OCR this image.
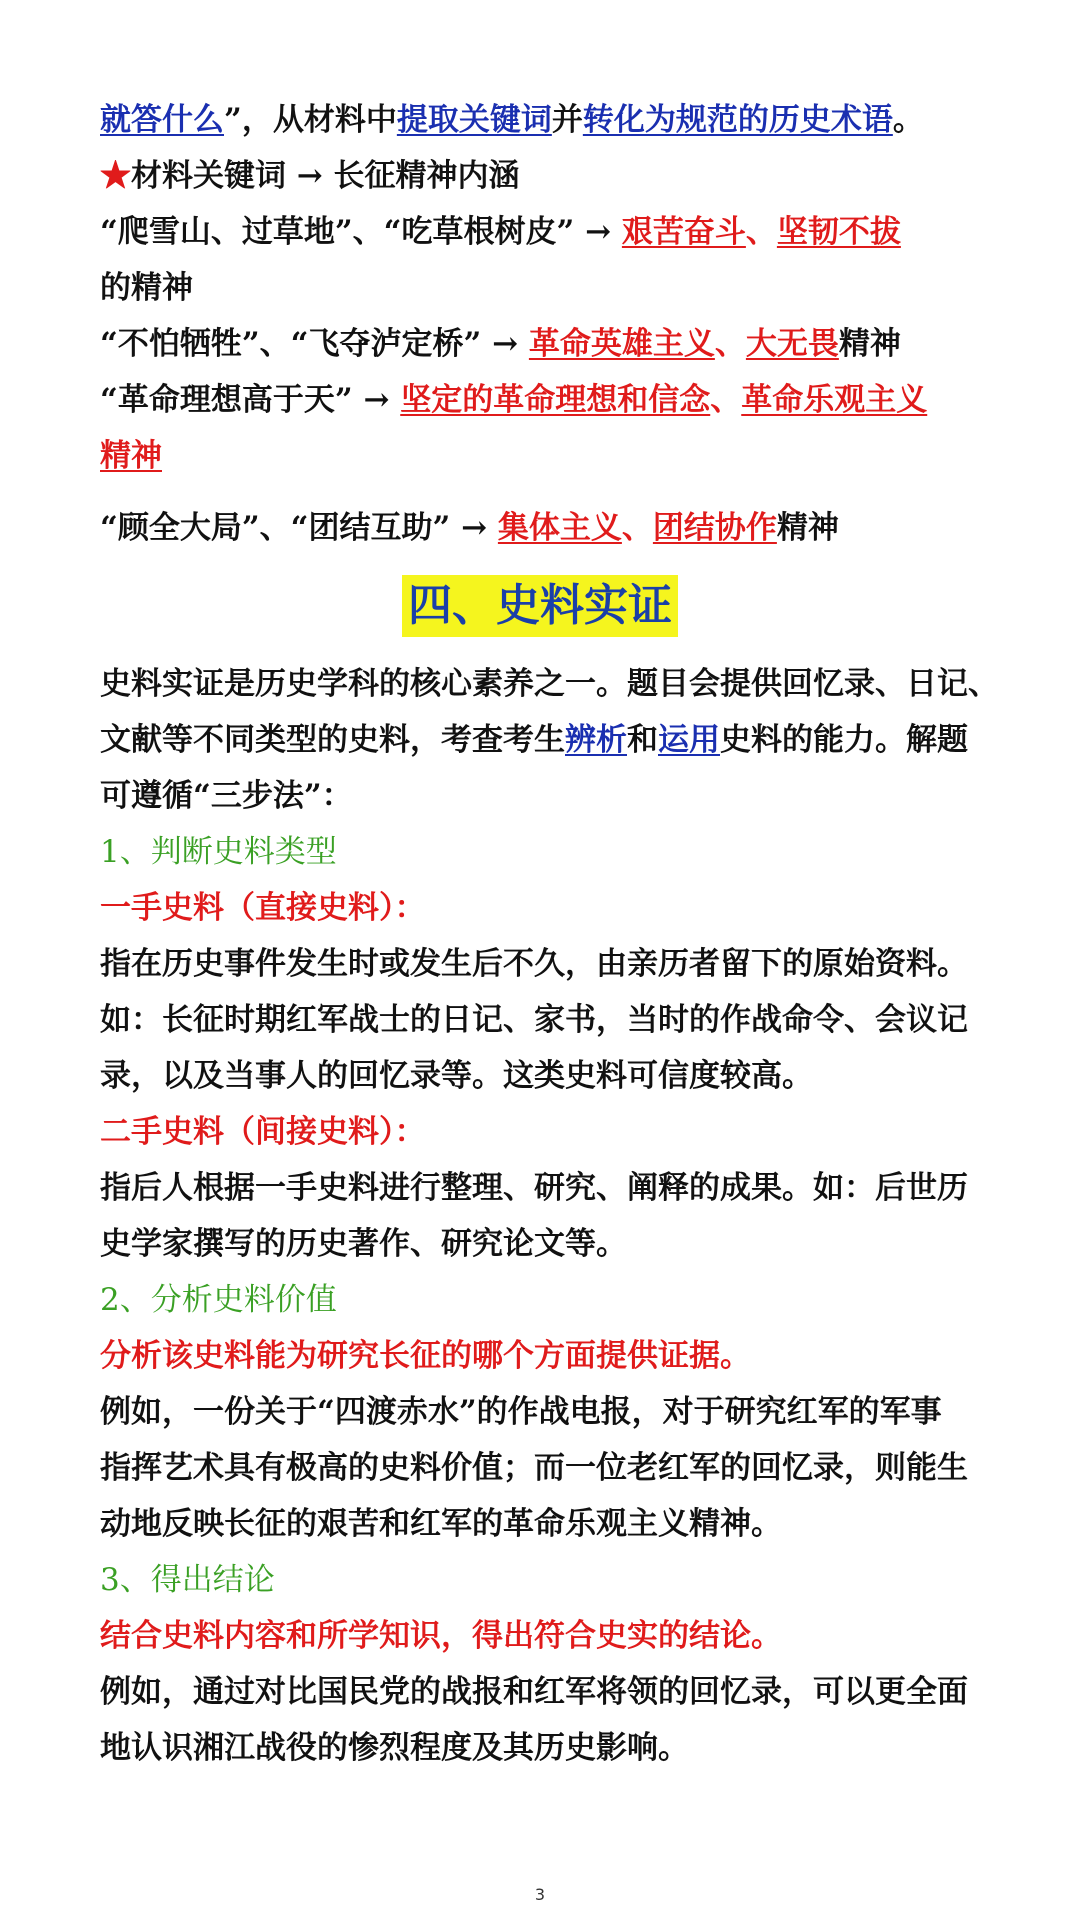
就答什么”，从材料中提取关键词并转化为规范的历史术语。
★材料关键词 → 长征精神内涵
“爬雪山、过草地”、“吃草根树皮” → 艰苦奋斗、坚韧不拔
的精神
“不怕牺牲”、“飞夺泸定桥” → 革命英雄主义、大无畏精神
“革命理想高于天” → 坚定的革命理想和信念、革命乐观主义
精神
“顾全大局”、“团结互助” → 集体主义、团结协作精神
四、史料实证
史料实证是历史学科的核心素养之一。题目会提供回忆录、日记、
文献等不同类型的史料，考查考生辨析和运用史料的能力。解题
可遵循“三步法”：
1、判断史料类型
一手史料（直接史料）：
指在历史事件发生时或发生后不久，由亲历者留下的原始资料。
如：长征时期红军战士的日记、家书，当时的作战命令、会议记
录，以及当事人的回忆录等。这类史料可信度较高。
二手史料（间接史料）：
指后人根据一手史料进行整理、研究、阐释的成果。如：后世历
史学家撰写的历史著作、研究论文等。
2、分析史料价值
分析该史料能为研究长征的哪个方面提供证据。
例如，一份关于“四渡赤水”的作战电报，对于研究红军的军事
指挥艺术具有极高的史料价值；而一位老红军的回忆录，则能生
动地反映长征的艰苦和红军的革命乐观主义精神。
3、得出结论
结合史料内容和所学知识，得出符合史实的结论。
例如，通过对比国民党的战报和红军将领的回忆录，可以更全面
地认识湘江战役的惨烈程度及其历史影响。
3
